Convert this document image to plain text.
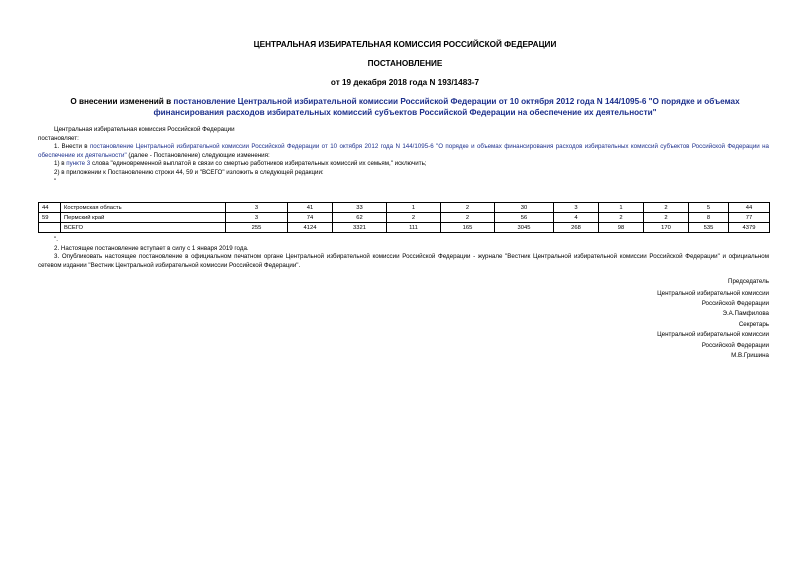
ЦЕНТРАЛЬНАЯ ИЗБИРАТЕЛЬНАЯ КОМИССИЯ РОССИЙСКОЙ ФЕДЕРАЦИИ
ПОСТАНОВЛЕНИЕ
от 19 декабря 2018 года N 193/1483-7
О внесении изменений в постановление Центральной избирательной комиссии Российской Федерации от 10 октября 2012 года N 144/1095-6 "О порядке и объемах финансирования расходов избирательных комиссий субъектов Российской Федерации на обеспечение их деятельности"

Центральная избирательная комиссия Российской Федерации

постановляет:

1. Внести в постановление Центральной избирательной комиссии Российской Федерации от 10 октября 2012 года N 144/1095-6 "О порядке и объемах финансирования расходов избирательных комиссий субъектов Российской Федерации на обеспечение их деятельности" (далее - Постановление) следующие изменения:

1) в пункте 3 слова "единовременной выплатой в связи со смертью работников избирательных комиссий их семьям," исключить;

2) в приложении к Постановлению строки 44, 59 и "ВСЕГО" изложить в следующей редакции:

"

44	Костромская область	3	41	33	1	2	30	3	1	2	5	44
59	Пермский край	3	74	62	2	2	56	4	2	2	8	77
	ВСЕГО	255	4124	3321	111	165	3045	268	98	170	535	4379

".

2. Настоящее постановление вступает в силу с 1 января 2019 года.

3. Опубликовать настоящее постановление в официальном печатном органе Центральной избирательной комиссии Российской Федерации - журнале "Вестник Центральной избирательной комиссии Российской Федерации" и официальном сетевом издании "Вестник Центральной избирательной комиссии Российской Федерации".

Председатель
Центральной избирательной комиссии
Российской Федерации
Э.А.Памфилова
Секретарь
Центральной избирательной комиссии
Российской Федерации
М.В.Гришина
